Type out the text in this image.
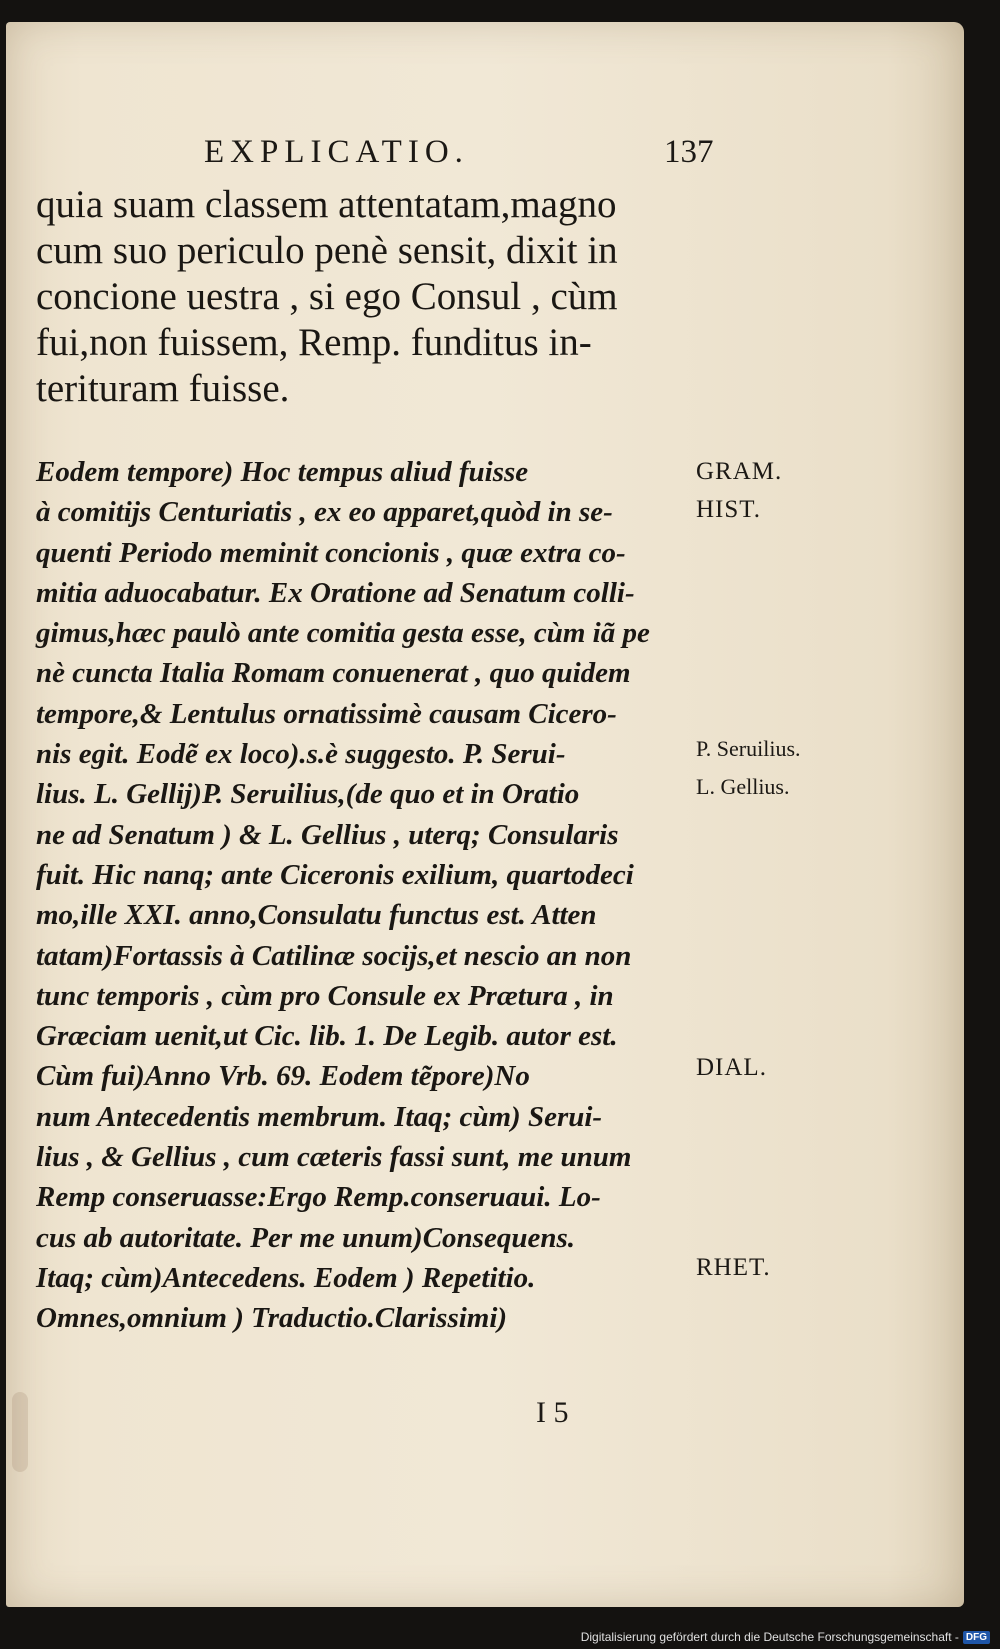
EXPLICATIO.	137
quia suam classem attentatam,magno
cum suo periculo penè sensit, dixit in
concione uestra , si ego Consul , cùm
fui,non fuissem, Remp. funditus in-
terituram fuisse.
Eodem tempore) Hoc tempus aliud fuisse
à comitijs Centuriatis , ex eo apparet,quòd in se-
quenti Periodo meminit concionis , quæ extra co-
mitia aduocabatur. Ex Oratione ad Senatum colli-
gimus,hæc paulò ante comitia gesta esse, cùm iã pe
nè cuncta Italia Romam conuenerat , quo quidem
tempore,& Lentulus ornatissimè causam Cicero-
nis egit. Eodẽ ex loco).s.è suggesto. P. Serui-
lius. L. Gellij)P. Seruilius,(de quo et in Oratio
ne ad Senatum ) & L. Gellius , uterq; Consularis
fuit. Hic nanq; ante Ciceronis exilium, quartodeci
mo,ille XXI. anno,Consulatu functus est. Atten
tatam)Fortassis à Catilinæ socijs,et nescio an non
tunc temporis , cùm pro Consule ex Prætura , in
Græciam uenit,ut Cic. lib. 1. De Legib. autor est.
Cùm fui)Anno Vrb. 69. Eodem tẽpore)No
num Antecedentis membrum. Itaq; cùm) Serui-
lius , & Gellius , cum cæteris fassi sunt, me unum
Remp conseruasse:Ergo Remp.conseruaui. Lo-
cus ab autoritate. Per me unum)Consequens.
Itaq; cùm)Antecedens. Eodem ) Repetitio.
Omnes,omnium ) Traductio.Clarissimi)
GRAM.
HIST.
P. Seruilius.
L. Gellius.
DIAL.
RHET.
I 5
Digitalisierung gefördert durch die Deutsche Forschungsgemeinschaft - DFG
